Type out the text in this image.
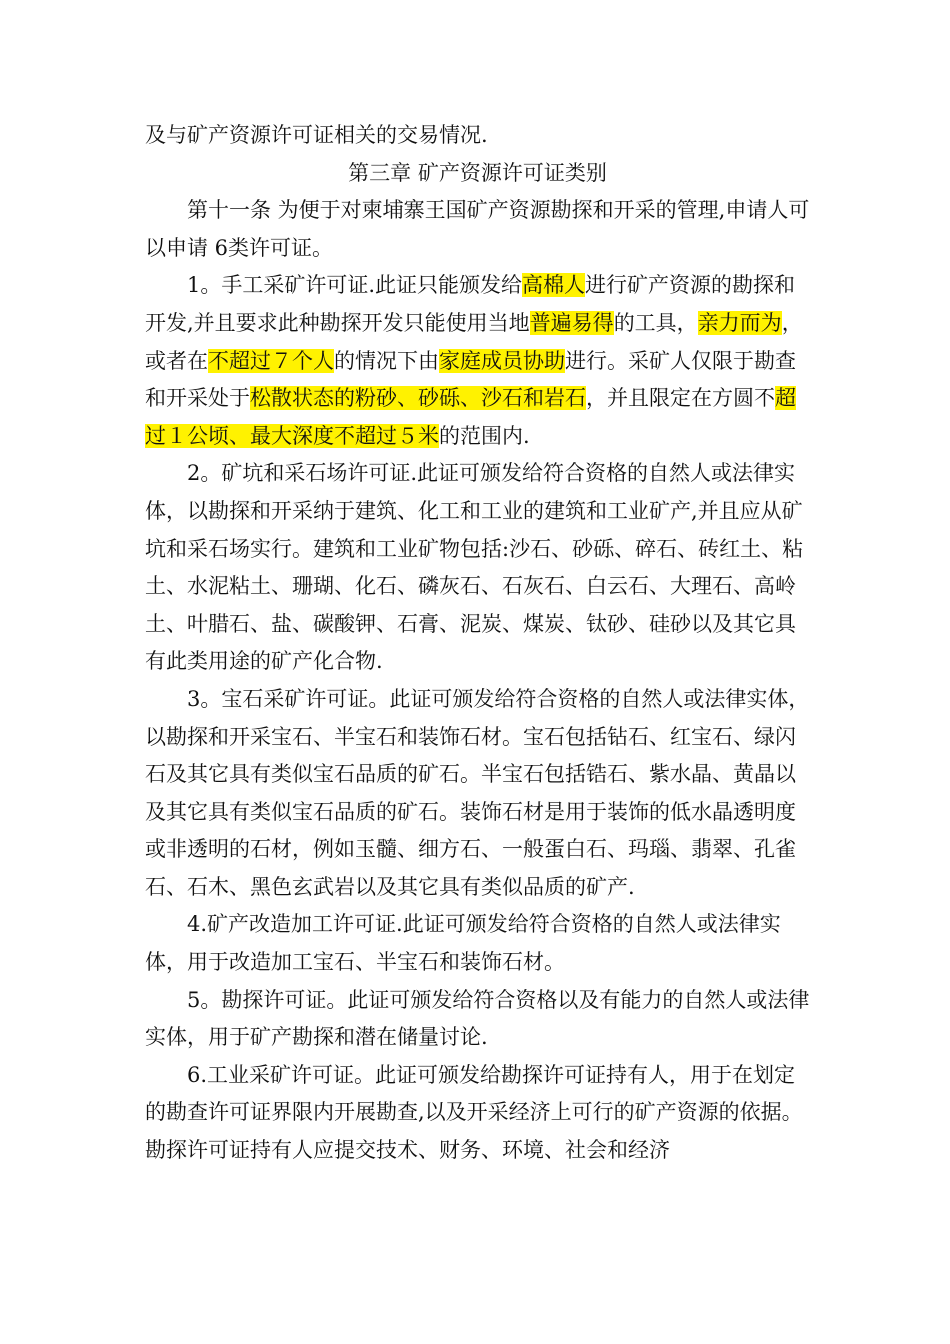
及与矿产资源许可证相关的交易情况.

第三章 矿产资源许可证类别

第十一条 为便于对柬埔寨王国矿产资源勘探和开采的管理,申请人可以申请 6类许可证。

1。手工采矿许可证.此证只能颁发给高棉人进行矿产资源的勘探和开发,并且要求此种勘探开发只能使用当地普遍易得的工具，亲力而为，或者在不超过７个人的情况下由家庭成员协助进行。采矿人仅限于勘查和开采处于松散状态的粉砂、砂砾、沙石和岩石，并且限定在方圆不超过１公顷、最大深度不超过５米的范围内.

2。矿坑和采石场许可证.此证可颁发给符合资格的自然人或法律实体，以勘探和开采纳于建筑、化工和工业的建筑和工业矿产,并且应从矿坑和采石场实行。建筑和工业矿物包括:沙石、砂砾、碎石、砖红土、粘土、水泥粘土、珊瑚、化石、磷灰石、石灰石、白云石、大理石、高岭土、叶腊石、盐、碳酸钾、石膏、泥炭、煤炭、钛砂、硅砂以及其它具有此类用途的矿产化合物.

3。宝石采矿许可证。此证可颁发给符合资格的自然人或法律实体，以勘探和开采宝石、半宝石和装饰石材。宝石包括钻石、红宝石、绿闪石及其它具有类似宝石品质的矿石。半宝石包括锆石、紫水晶、黄晶以及其它具有类似宝石品质的矿石。装饰石材是用于装饰的低水晶透明度或非透明的石材，例如玉髓、细方石、一般蛋白石、玛瑙、翡翠、孔雀石、石木、黑色玄武岩以及其它具有类似品质的矿产.

4.矿产改造加工许可证.此证可颁发给符合资格的自然人或法律实体，用于改造加工宝石、半宝石和装饰石材。

5。勘探许可证。此证可颁发给符合资格以及有能力的自然人或法律实体，用于矿产勘探和潜在储量讨论.

6.工业采矿许可证。此证可颁发给勘探许可证持有人，用于在划定的勘查许可证界限内开展勘查,以及开采经济上可行的矿产资源的依据。勘探许可证持有人应提交技术、财务、环境、社会和经济
